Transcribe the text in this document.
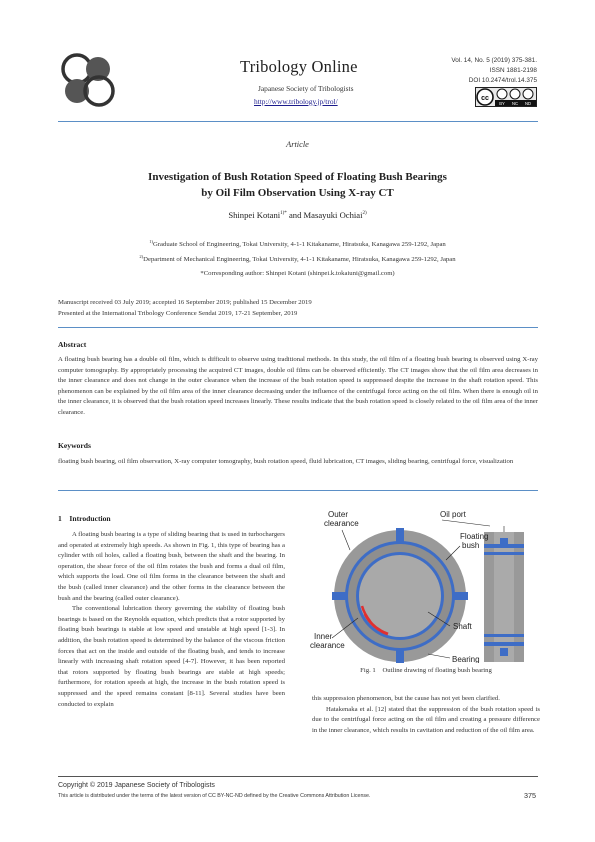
Tribology Online
Japanese Society of Tribologists
http://www.tribology.jp/trol/
Vol. 14, No. 5 (2019) 375-381.
ISSN 1881-2198
DOI 10.2474/trol.14.375
cc
BY NC ND
Article
Investigation of Bush Rotation Speed of Floating Bush Bearings
by Oil Film Observation Using X-ray CT
Shinpei Kotani$^{1)*}$ and Masayuki Ochiai$^{2)}$
$^{1)}$Graduate School of Engineering, Tokai University, 4-1-1 Kitakaname, Hiratsuka, Kanagawa 259-1292, Japan
$^{2)}$Department of Mechanical Engineering, Tokai University, 4-1-1 Kitakaname, Hiratsuka, Kanagawa 259-1292, Japan
*Corresponding author: Shinpei Kotani (shinpei.k.tokaiuni@gmail.com)
Manuscript received 03 July 2019; accepted 16 September 2019; published 15 December 2019
Presented at the International Tribology Conference Sendai 2019, 17-21 September, 2019
Abstract
A floating bush bearing has a double oil film, which is difficult to observe using traditional methods. In this study, the oil film of a floating bush bearing is observed using X-ray computer tomography. By appropriately processing the acquired CT images, double oil films can be observed efficiently. The CT images show that the oil film area decreases in the inner clearance and does not change in the outer clearance when the increase of the bush rotation speed is suppressed despite the increase in the shaft rotation speed. This phenomenon can be explained by the oil film area of the inner clearance decreasing under the influence of the centrifugal force acting on the oil film. When there is enough oil in the inner clearance, it is observed that the bush rotation speed increases linearly. These results indicate that the bush rotation speed is closely related to the oil film area of the inner clearance.
Keywords
floating bush bearing, oil film observation, X-ray computer tomography, bush rotation speed, fluid lubrication, CT images, sliding bearing, centrifugal force, visualization
1    Introduction

A floating bush bearing is a type of sliding bearing that is used in turbochargers and operated at extremely high speeds. As shown in Fig. 1, this type of bearing has a cylinder with oil holes, called a floating bush, between the shaft and the bearing. In operation, the shear force of the oil film rotates the bush and forms a dual oil film, which supports the load. One oil film forms in the clearance between the shaft and the bush (called inner clearance) and the other forms in the clearance between the bush and the bearing (called outer clearance).

The conventional lubrication theory governing the stability of floating bush bearings is based on the Reynolds equation, which predicts that a rotor supported by floating bush bearings is stable at low speed and unstable at high speed [1-3]. In addition, the bush rotation speed is determined by the balance of the viscous friction forces that act on the inside and outside of the floating bush, and tends to increase linearly with increasing shaft rotation speed [4-7]. However, it has been reported that rotors supported by floating bush bearings are stable at high speeds; furthermore, for rotation speeds at high, the increase in the bush rotation speed is suppressed and the speed remains constant [8-11]. Several studies have been conducted to explain

Outer
clearance
Oil port
Floating
bush
Shaft
Inner
clearance
Bearing
Fig. 1    Outline drawing of floating bush bearing

this suppression phenomenon, but the cause has not yet been clarified.

Hatakenaka et al. [12] stated that the suppression of the bush rotation speed is due to the centrifugal force acting on the oil film and creating a pressure difference in the inner clearance, which results in cavitation and reduction of the oil film area.

Copyright © 2019 Japanese Society of Tribologists
This article is distributed under the terms of the latest version of CC BY-NC-ND defined by the Creative Commons Attribution License.	375
